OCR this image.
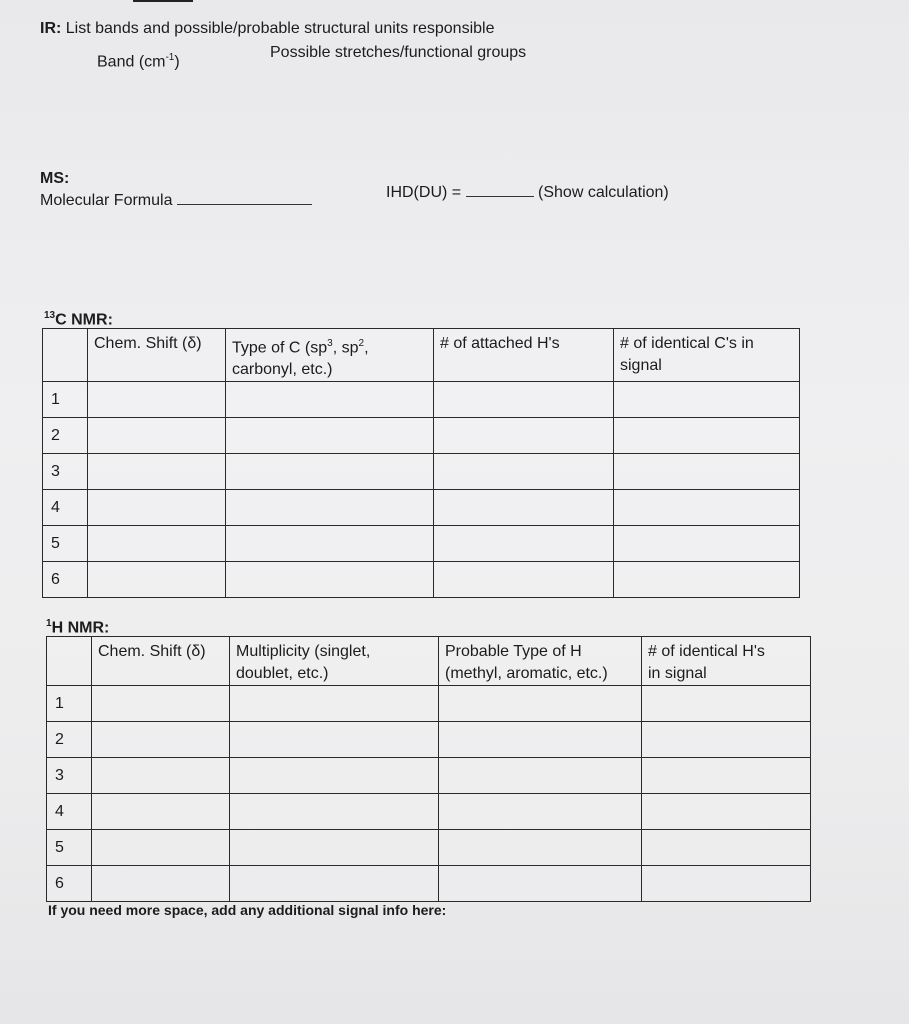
IR: List bands and possible/probable structural units responsible
Band $(cm^{-1})$
Possible stretches/functional groups
MS:
Molecular Formula	IHD(DU) =	(Show calculation)
$^{13}$C NMR:
	Chem. Shift (δ)	Type of C ($sp^3$, $sp^2$,
carbonyl, etc.)	# of attached H's	# of identical C's in
signal
1				
2				
3				
4				
5				
6				
$^1$H NMR:
	Chem. Shift (δ)	Multiplicity (singlet,
doublet, etc.)	Probable Type of H
(methyl, aromatic, etc.)	# of identical H's
in signal
1				
2				
3				
4				
5				
6				
If you need more space, add any additional signal info here:
